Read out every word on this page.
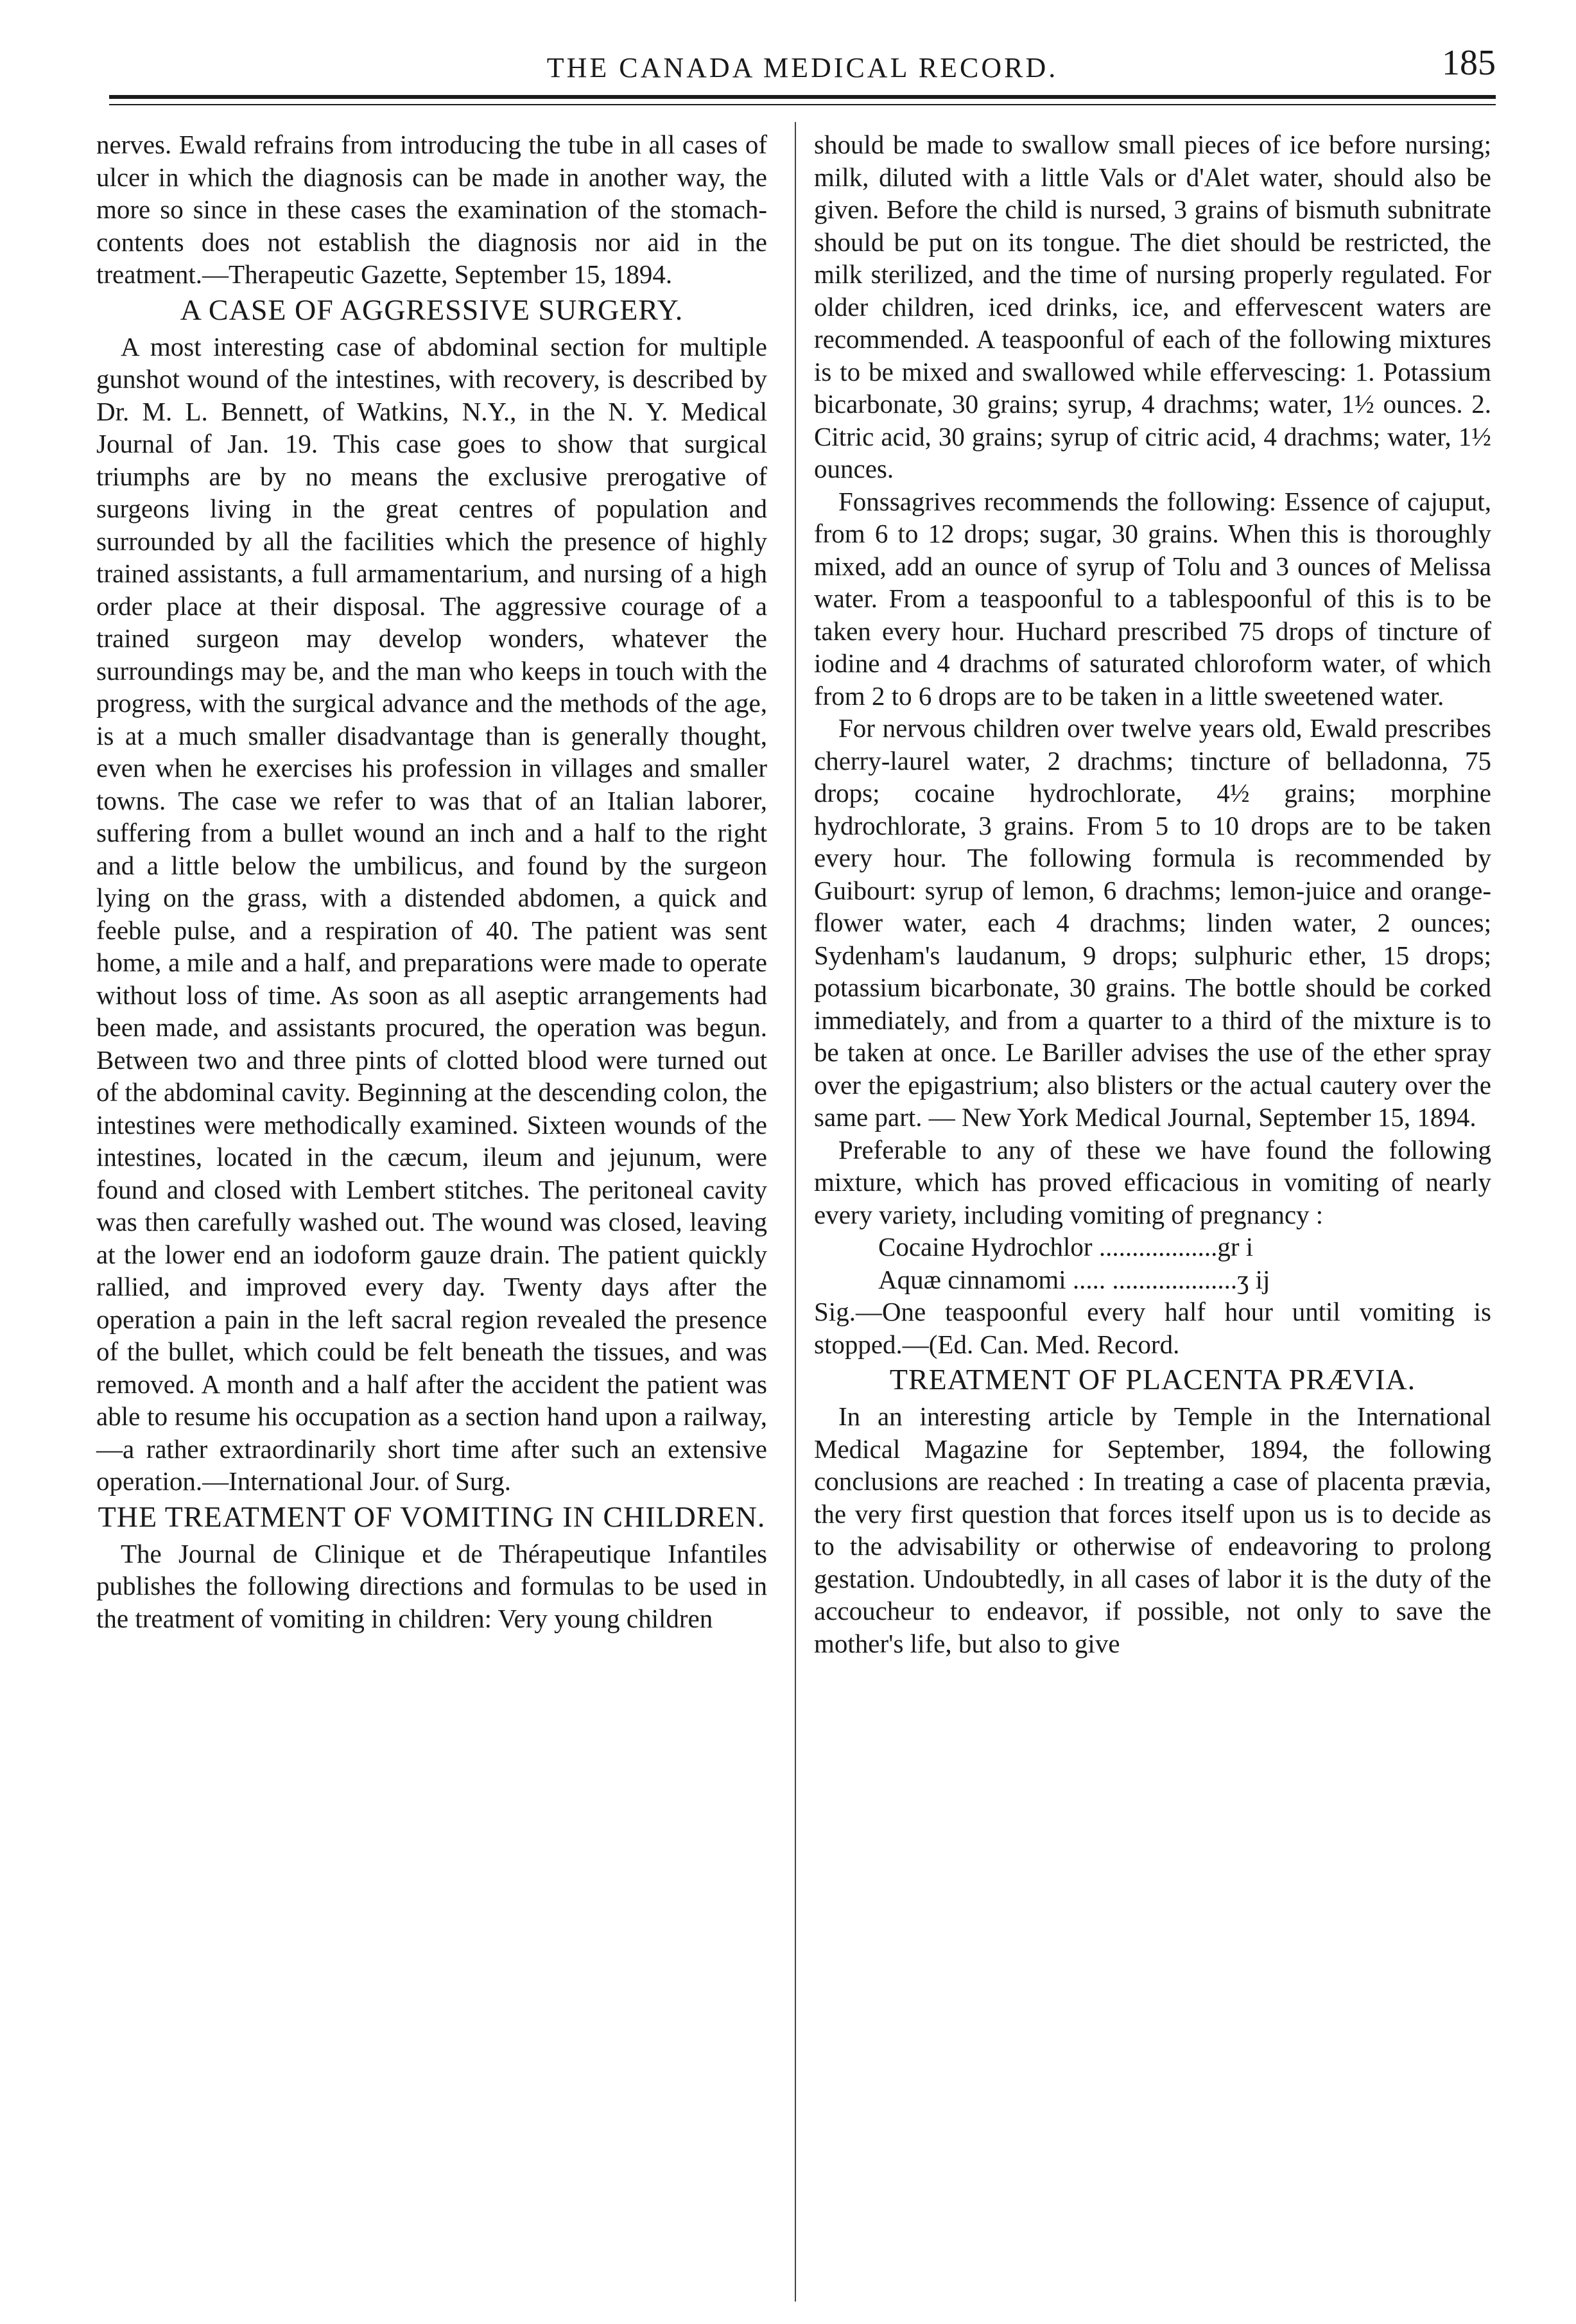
THE CANADA MEDICAL RECORD.	185

nerves. Ewald refrains from introducing the tube in all cases of ulcer in which the diagnosis can be made in another way, the more so since in these cases the examination of the stomach-contents does not establish the diagnosis nor aid in the treatment.—Therapeutic Gazette, September 15, 1894.

A CASE OF AGGRESSIVE SURGERY.

A most interesting case of abdominal section for multiple gunshot wound of the intestines, with recovery, is described by Dr. M. L. Bennett, of Watkins, N.Y., in the N. Y. Medical Journal of Jan. 19. This case goes to show that surgical triumphs are by no means the exclusive prerogative of surgeons living in the great centres of population and surrounded by all the facilities which the presence of highly trained assistants, a full armamentarium, and nursing of a high order place at their disposal. The aggressive courage of a trained surgeon may develop wonders, whatever the surroundings may be, and the man who keeps in touch with the progress, with the surgical advance and the methods of the age, is at a much smaller disadvantage than is generally thought, even when he exercises his profession in villages and smaller towns. The case we refer to was that of an Italian laborer, suffering from a bullet wound an inch and a half to the right and a little below the umbilicus, and found by the surgeon lying on the grass, with a distended abdomen, a quick and feeble pulse, and a respiration of 40. The patient was sent home, a mile and a half, and preparations were made to operate without loss of time. As soon as all aseptic arrangements had been made, and assistants procured, the operation was begun. Between two and three pints of clotted blood were turned out of the abdominal cavity. Beginning at the descending colon, the intestines were methodically examined. Sixteen wounds of the intestines, located in the cæcum, ileum and jejunum, were found and closed with Lembert stitches. The peritoneal cavity was then carefully washed out. The wound was closed, leaving at the lower end an iodoform gauze drain. The patient quickly rallied, and improved every day. Twenty days after the operation a pain in the left sacral region revealed the presence of the bullet, which could be felt beneath the tissues, and was removed. A month and a half after the accident the patient was able to resume his occupation as a section hand upon a railway, —a rather extraordinarily short time after such an extensive operation.—International Jour. of Surg.

THE TREATMENT OF VOMITING IN CHILDREN.

The Journal de Clinique et de Thérapeutique Infantiles publishes the following directions and formulas to be used in the treatment of vomiting in children: Very young children

should be made to swallow small pieces of ice before nursing; milk, diluted with a little Vals or d'Alet water, should also be given. Before the child is nursed, 3 grains of bismuth subnitrate should be put on its tongue. The diet should be restricted, the milk sterilized, and the time of nursing properly regulated. For older children, iced drinks, ice, and effervescent waters are recommended. A teaspoonful of each of the following mixtures is to be mixed and swallowed while effervescing: 1. Potassium bicarbonate, 30 grains; syrup, 4 drachms; water, 1½ ounces. 2. Citric acid, 30 grains; syrup of citric acid, 4 drachms; water, 1½ ounces.

Fonssagrives recommends the following: Essence of cajuput, from 6 to 12 drops; sugar, 30 grains. When this is thoroughly mixed, add an ounce of syrup of Tolu and 3 ounces of Melissa water. From a teaspoonful to a tablespoonful of this is to be taken every hour. Huchard prescribed 75 drops of tincture of iodine and 4 drachms of saturated chloroform water, of which from 2 to 6 drops are to be taken in a little sweetened water.

For nervous children over twelve years old, Ewald prescribes cherry-laurel water, 2 drachms; tincture of belladonna, 75 drops; cocaine hydrochlorate, 4½ grains; morphine hydrochlorate, 3 grains. From 5 to 10 drops are to be taken every hour. The following formula is recommended by Guibourt: syrup of lemon, 6 drachms; lemon-juice and orange-flower water, each 4 drachms; linden water, 2 ounces; Sydenham's laudanum, 9 drops; sulphuric ether, 15 drops; potassium bicarbonate, 30 grains. The bottle should be corked immediately, and from a quarter to a third of the mixture is to be taken at once. Le Bariller advises the use of the ether spray over the epigastrium; also blisters or the actual cautery over the same part. — New York Medical Journal, September 15, 1894.

Preferable to any of these we have found the following mixture, which has proved efficacious in vomiting of nearly every variety, including vomiting of pregnancy :

Cocaine Hydrochlor ..................gr i
Aquæ cinnamomi ..... ...................ʒ ij

Sig.—One teaspoonful every half hour until vomiting is stopped.—(Ed. Can. Med. Record.

TREATMENT OF PLACENTA PRÆVIA.

In an interesting article by Temple in the International Medical Magazine for September, 1894, the following conclusions are reached : In treating a case of placenta prævia, the very first question that forces itself upon us is to decide as to the advisability or otherwise of endeavoring to prolong gestation. Undoubtedly, in all cases of labor it is the duty of the accoucheur to endeavor, if possible, not only to save the mother's life, but also to give
